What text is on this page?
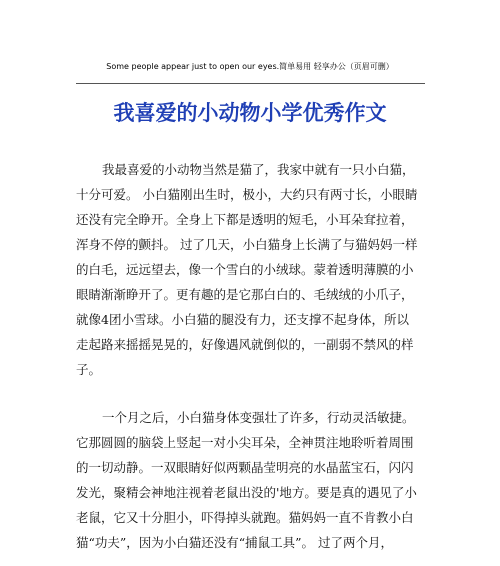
Some people appear just to open our eyes.简单易用 轻享办公（页眉可删）
我喜爱的小动物小学优秀作文
我最喜爱的小动物当然是猫了，我家中就有一只小白猫，
十分可爱。 小白猫刚出生时，极小，大约只有两寸长，小眼睛
还没有完全睁开。全身上下都是透明的短毛，小耳朵耷拉着，
浑身不停的颤抖。 过了几天，小白猫身上长满了与猫妈妈一样
的白毛，远远望去，像一个雪白的小绒球。蒙着透明薄膜的小
眼睛渐渐睁开了。更有趣的是它那白白的、毛绒绒的小爪子，
就像4团小雪球。小白猫的腿没有力，还支撑不起身体，所以
走起路来摇摇晃晃的，好像遇风就倒似的，一副弱不禁风的样
子。
一个月之后，小白猫身体变强壮了许多，行动灵活敏捷。
它那圆圆的脑袋上竖起一对小尖耳朵，全神贯注地聆听着周围
的一切动静。一双眼睛好似两颗晶莹明亮的水晶蓝宝石，闪闪
发光，聚精会神地注视着老鼠出没的'地方。要是真的遇见了小
老鼠，它又十分胆小，吓得掉头就跑。猫妈妈一直不肯教小白
猫“功夫”，因为小白猫还没有“捕鼠工具”。 过了两个月，
